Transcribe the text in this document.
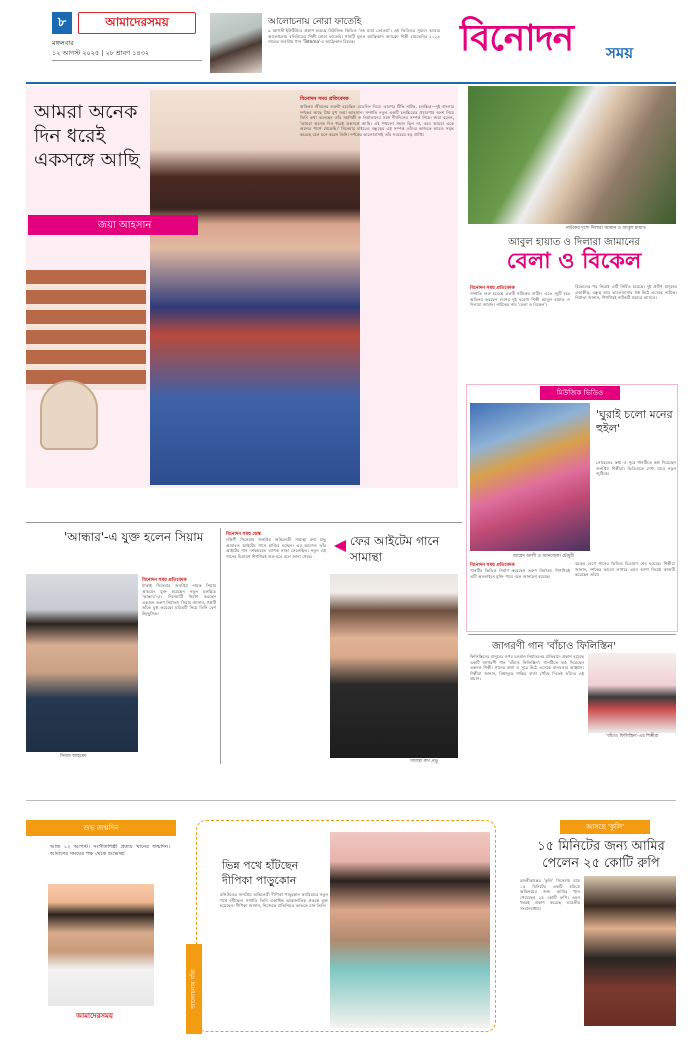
৮	আমাদেরসময়
মঙ্গলবার
১২ আগস্ট ২০২৫ | ২৮ শ্রাবণ ১৪৩২
আলোচনায় নোরা ফাতেহি
৯ আগস্ট ইউটিউবে প্রকাশ হয়েছে মিউজিক ভিডিও 'ওহ মামা তেতেমা'। এই ভিডিওর সুবাদে আবার আলোচনায় বলিউডের শিল্পী নোরা ফাতেহি। গানটি মূলত আফ্রিকান অ্যাফ্রো শিল্পী রায়ভেনির ২০২৪ সালের জনপ্রিয় গান 'Tetema'-র আফ্রিকান রিমেক।	বিনোদন সময়
আমরা অনেক দিন ধরেই একসঙ্গে আছি
জয়া আহসান
বিনোদন সময় প্রতিবেদক
অভিনয় জীবনের শুরুটা হয়েছিল মডেলিং দিয়ে। তারপর টিভি নাটক, চলচ্চিত্র—দুই বাংলার দর্শকের কাছে প্রিয় মুখ জয়া আহসান। সম্প্রতি নতুন একটি চলচ্চিত্রের প্রচারণায় অংশ নিয়ে তিনি কথা বলেছেন তাঁর সহশিল্পী ও নির্মাতাদের সঙ্গে দীর্ঘদিনের সম্পর্ক নিয়ে। জয়া বলেন, 'আমরা অনেক দিন ধরেই একসঙ্গে আছি। এই পথচলা সহজ ছিল না, তবে আমরা একে অন্যের পাশে থেকেছি।' সিনেমার বাইরেও বন্ধুত্বের এই সম্পর্ক তাঁদের কাজকে আরও সমৃদ্ধ করেছে বলে মনে করেন তিনি। দর্শকের ভালোবাসাই তাঁর সবচেয়ে বড় প্রাপ্তি।
নাটকের দৃশ্যে দিলারা জামান ও আবুল হায়াত
আবুল হায়াত ও দিলারা জামানের
বেলা ও বিকেল
বিনোদন সময় প্রতিবেদক
সম্প্রতি শুরু হয়েছে একটি নাটকের শুটিং। এতে জুটি হয়ে অভিনয় করছেন দেশের দুই বরেণ্য শিল্পী আবুল হায়াত ও দিলারা জামান। নাটকের নাম 'বেলা ও বিকেল'।
বিকেলের পর নিয়েই এটি নির্মিত হয়েছে। দুই প্রবীণ মানুষের একাকীত্ব, বন্ধুত্ব আর ভালোবাসার গল্প উঠে এসেছে নাটকে। নির্মাতা জানান, শিগগিরই নাটকটি প্রচারে আসবে।
মিউজিক ভিডিও
'ঘুরাই চলো মনের হুইল'
সোহেলের কথা ও সুরে গানটিতে কণ্ঠ দিয়েছেন জনপ্রিয় শিল্পীরা। ভিডিওতে দেখা যাবে নতুন জুটিকে।
জাহেদ আলী ও আনজেলা চৌধুরী
বিনোদন সময় প্রতিবেদক
গানটির ভিডিও নির্মাণ করেছেন তরুণ নির্মাতা। শিগগিরই এটি অনলাইনে মুক্তি পাবে বলে জানানো হয়েছে।
ঝড়ের বেগে গানের ভিডিও চিত্রায়ণ শেষ হয়েছে। শিল্পীরা জানান, দর্শকের ভালো লাগবে এমন আশা নিয়েই কাজটি করেছেন তাঁরা।
জাগরণী গান 'বাঁচাও ফিলিস্তিন'
ফিলিস্তিনের মানুষের ওপর চলমান নির্যাতনের প্রতিবাদে প্রকাশ হয়েছে একটি জাগরণী গান 'বাঁচাও ফিলিস্তিন'। গানটিতে কণ্ঠ দিয়েছেন একদল শিল্পী। গানের কথা ও সুরে উঠে এসেছে মানবতার আহ্বান। শিল্পীরা জানান, বিশ্বজুড়ে শান্তির বার্তা পৌঁছে দিতেই তাঁদের এই প্রয়াস।
'বাঁচাও ফিলিস্তিন'-এর শিল্পীরা
'আন্ধার'-এ যুক্ত হলেন সিয়াম
সিয়াম আহমেদ
বিনোদন সময় প্রতিবেদক
ঢাকাই সিনেমার জনপ্রিয় নায়ক সিয়াম আহমেদ যুক্ত হয়েছেন নতুন চলচ্চিত্র 'আন্ধার'-এ। সিনেমাটি নির্মাণ করছেন একজন তরুণ নির্মাতা। সিয়াম জানান, গল্পটি তাঁকে মুগ্ধ করেছে। চরিত্রটি নিয়ে তিনি বেশ উচ্ছ্বসিত।
বিনোদন সময় ডেস্ক
দক্ষিণী সিনেমার জনপ্রিয় অভিনেত্রী সামান্থা রুথ প্রভু আবারও আইটেম গানে হাজির হচ্ছেন। এর আগেও তাঁর আইটেম গান দর্শকমহলে ব্যাপক সাড়া ফেলেছিল। নতুন এই গানের চিত্রায়ণ শিগগিরই শুরু হবে বলে জানা গেছে।
ফের আইটেম গানে সামান্থা
সামান্থা রুথ প্রভু
শুভ জন্মদিন
আজ ১২ আগস্ট। সংগীতশিল্পী প্রত্যয় খানের জন্মদিন। আমাদের সময়ের পক্ষ থেকে শুভেচ্ছা
আমাদেরসময়
আলোচনায় যাঁরা
ভিন্ন পথে হাঁটছেন দীপিকা পাড়ুকোন
বলিউডের জনপ্রিয় অভিনেত্রী দীপিকা পাড়ুকোন ক্যারিয়ারে নতুন পথে হাঁটছেন। সম্প্রতি তিনি একাধিক আন্তর্জাতিক প্রকল্পে যুক্ত হয়েছেন। দীপিকা জানান, নিজেকে প্রতিনিয়ত ভাঙতে চান তিনি।
আসছে 'কুলি'
১৫ মিনিটের জন্য আমির পেলেন ২৫ কোটি রুপি
রজনীকান্তের 'কুলি' সিনেমায় মাত্র ১৫ মিনিটের একটি চরিত্রে অভিনয়ের জন্য আমির খান পেয়েছেন ২৫ কোটি রুপি। এমন খবরই প্রকাশ করেছে ভারতীয় সংবাদমাধ্যম।
